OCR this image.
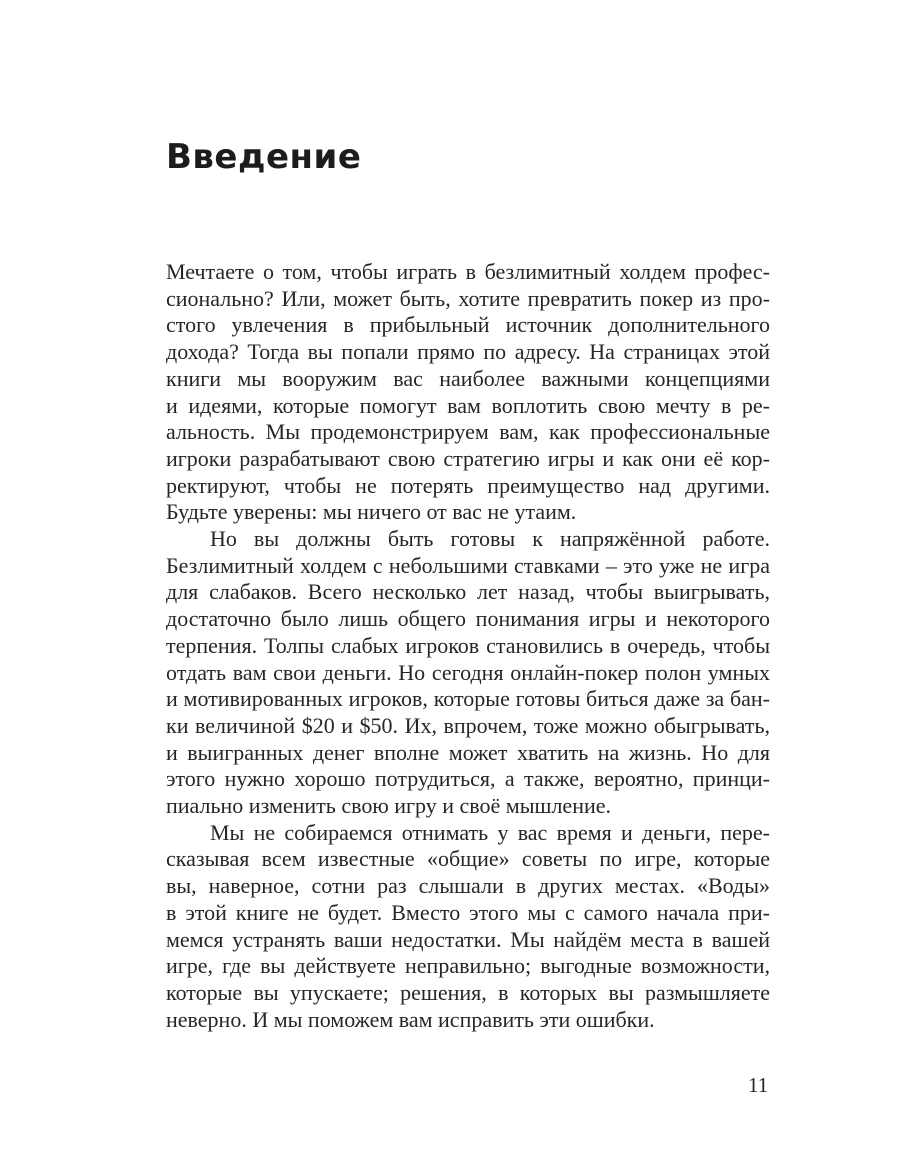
Введение

Мечтаете о том, чтобы играть в безлимитный холдем профес-
сионально? Или, может быть, хотите превратить покер из про-
стого увлечения в прибыльный источник дополнительного
дохода? Тогда вы попали прямо по адресу. На страницах этой
книги мы вооружим вас наиболее важными концепциями
и идеями, которые помогут вам воплотить свою мечту в ре-
альность. Мы продемонстрируем вам, как профессиональные
игроки разрабатывают свою стратегию игры и как они её кор-
ректируют, чтобы не потерять преимущество над другими.
Будьте уверены: мы ничего от вас не утаим.

Но вы должны быть готовы к напряжённой работе.
Безлимитный холдем с небольшими ставками – это уже не игра
для слабаков. Всего несколько лет назад, чтобы выигрывать,
достаточно было лишь общего понимания игры и некоторого
терпения. Толпы слабых игроков становились в очередь, чтобы
отдать вам свои деньги. Но сегодня онлайн-покер полон умных
и мотивированных игроков, которые готовы биться даже за бан-
ки величиной $20 и $50. Их, впрочем, тоже можно обыгрывать,
и выигранных денег вполне может хватить на жизнь. Но для
этого нужно хорошо потрудиться, а также, вероятно, принци-
пиально изменить свою игру и своё мышление.

Мы не собираемся отнимать у вас время и деньги, пере-
сказывая всем известные «общие» советы по игре, которые
вы, наверное, сотни раз слышали в других местах. «Воды»
в этой книге не будет. Вместо этого мы с самого начала при-
мемся устранять ваши недостатки. Мы найдём места в вашей
игре, где вы действуете неправильно; выгодные возможности,
которые вы упускаете; решения, в которых вы размышляете
неверно. И мы поможем вам исправить эти ошибки.

11
